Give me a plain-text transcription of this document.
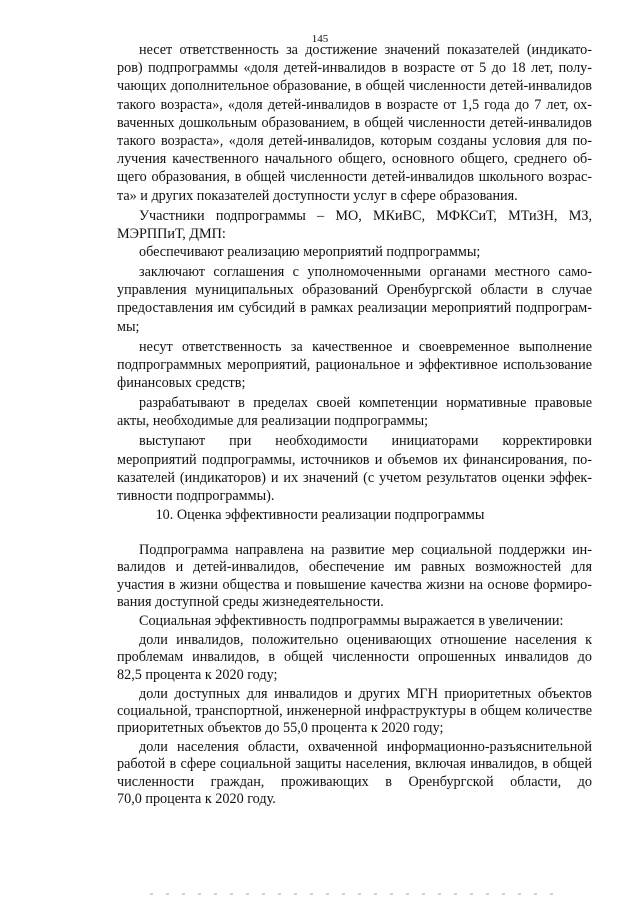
145
несет ответственность за достижение значений показателей (индикато-
ров) подпрограммы «доля детей-инвалидов в возрасте от 5 до 18 лет, полу-
чающих дополнительное образование, в общей численности детей-инвалидов
такого возраста», «доля детей-инвалидов в возрасте от 1,5 года до 7 лет, ох-
ваченных дошкольным образованием, в общей численности детей-инвалидов
такого возраста», «доля детей-инвалидов, которым созданы условия для по-
лучения качественного начального общего, основного общего, среднего об-
щего образования, в общей численности детей-инвалидов школьного возрас-
та» и других показателей доступности услуг в сфере образования.
Участники подпрограммы – МО, МКиВС, МФКСиТ, МТиЗН, МЗ,
МЭРППиТ, ДМП:
обеспечивают реализацию мероприятий подпрограммы;
заключают соглашения с уполномоченными органами местного само-
управления муниципальных образований Оренбургской области в случае
предоставления им субсидий в рамках реализации мероприятий подпрограм-
мы;
несут ответственность за качественное и своевременное выполнение
подпрограммных мероприятий, рациональное и эффективное использование
финансовых средств;
разрабатывают в пределах своей компетенции нормативные правовые
акты, необходимые для реализации подпрограммы;
выступают при необходимости инициаторами корректировки
мероприятий подпрограммы, источников и объемов их финансирования, по-
казателей (индикаторов) и их значений (с учетом результатов оценки эффек-
тивности подпрограммы).
Подпрограмма направлена на развитие мер социальной поддержки ин-
валидов и детей-инвалидов, обеспечение им равных возможностей для
участия в жизни общества и повышение качества жизни на основе формиро-
вания доступной среды жизнедеятельности.
Социальная эффективность подпрограммы выражается в увеличении:
доли инвалидов, положительно оценивающих отношение населения к
проблемам инвалидов, в общей численности опрошенных инвалидов до
82,5 процента к 2020 году;
доли доступных для инвалидов и других МГН приоритетных объектов
социальной, транспортной, инженерной инфраструктуры в общем количестве
приоритетных объектов до 55,0 процента к 2020 году;
доли населения области, охваченной информационно-разъяснительной
работой в сфере социальной защиты населения, включая инвалидов, в общей
численности граждан, проживающих в Оренбургской области, до
70,0 процента к 2020 году.
10. Оценка эффективности реализации подпрограммы
